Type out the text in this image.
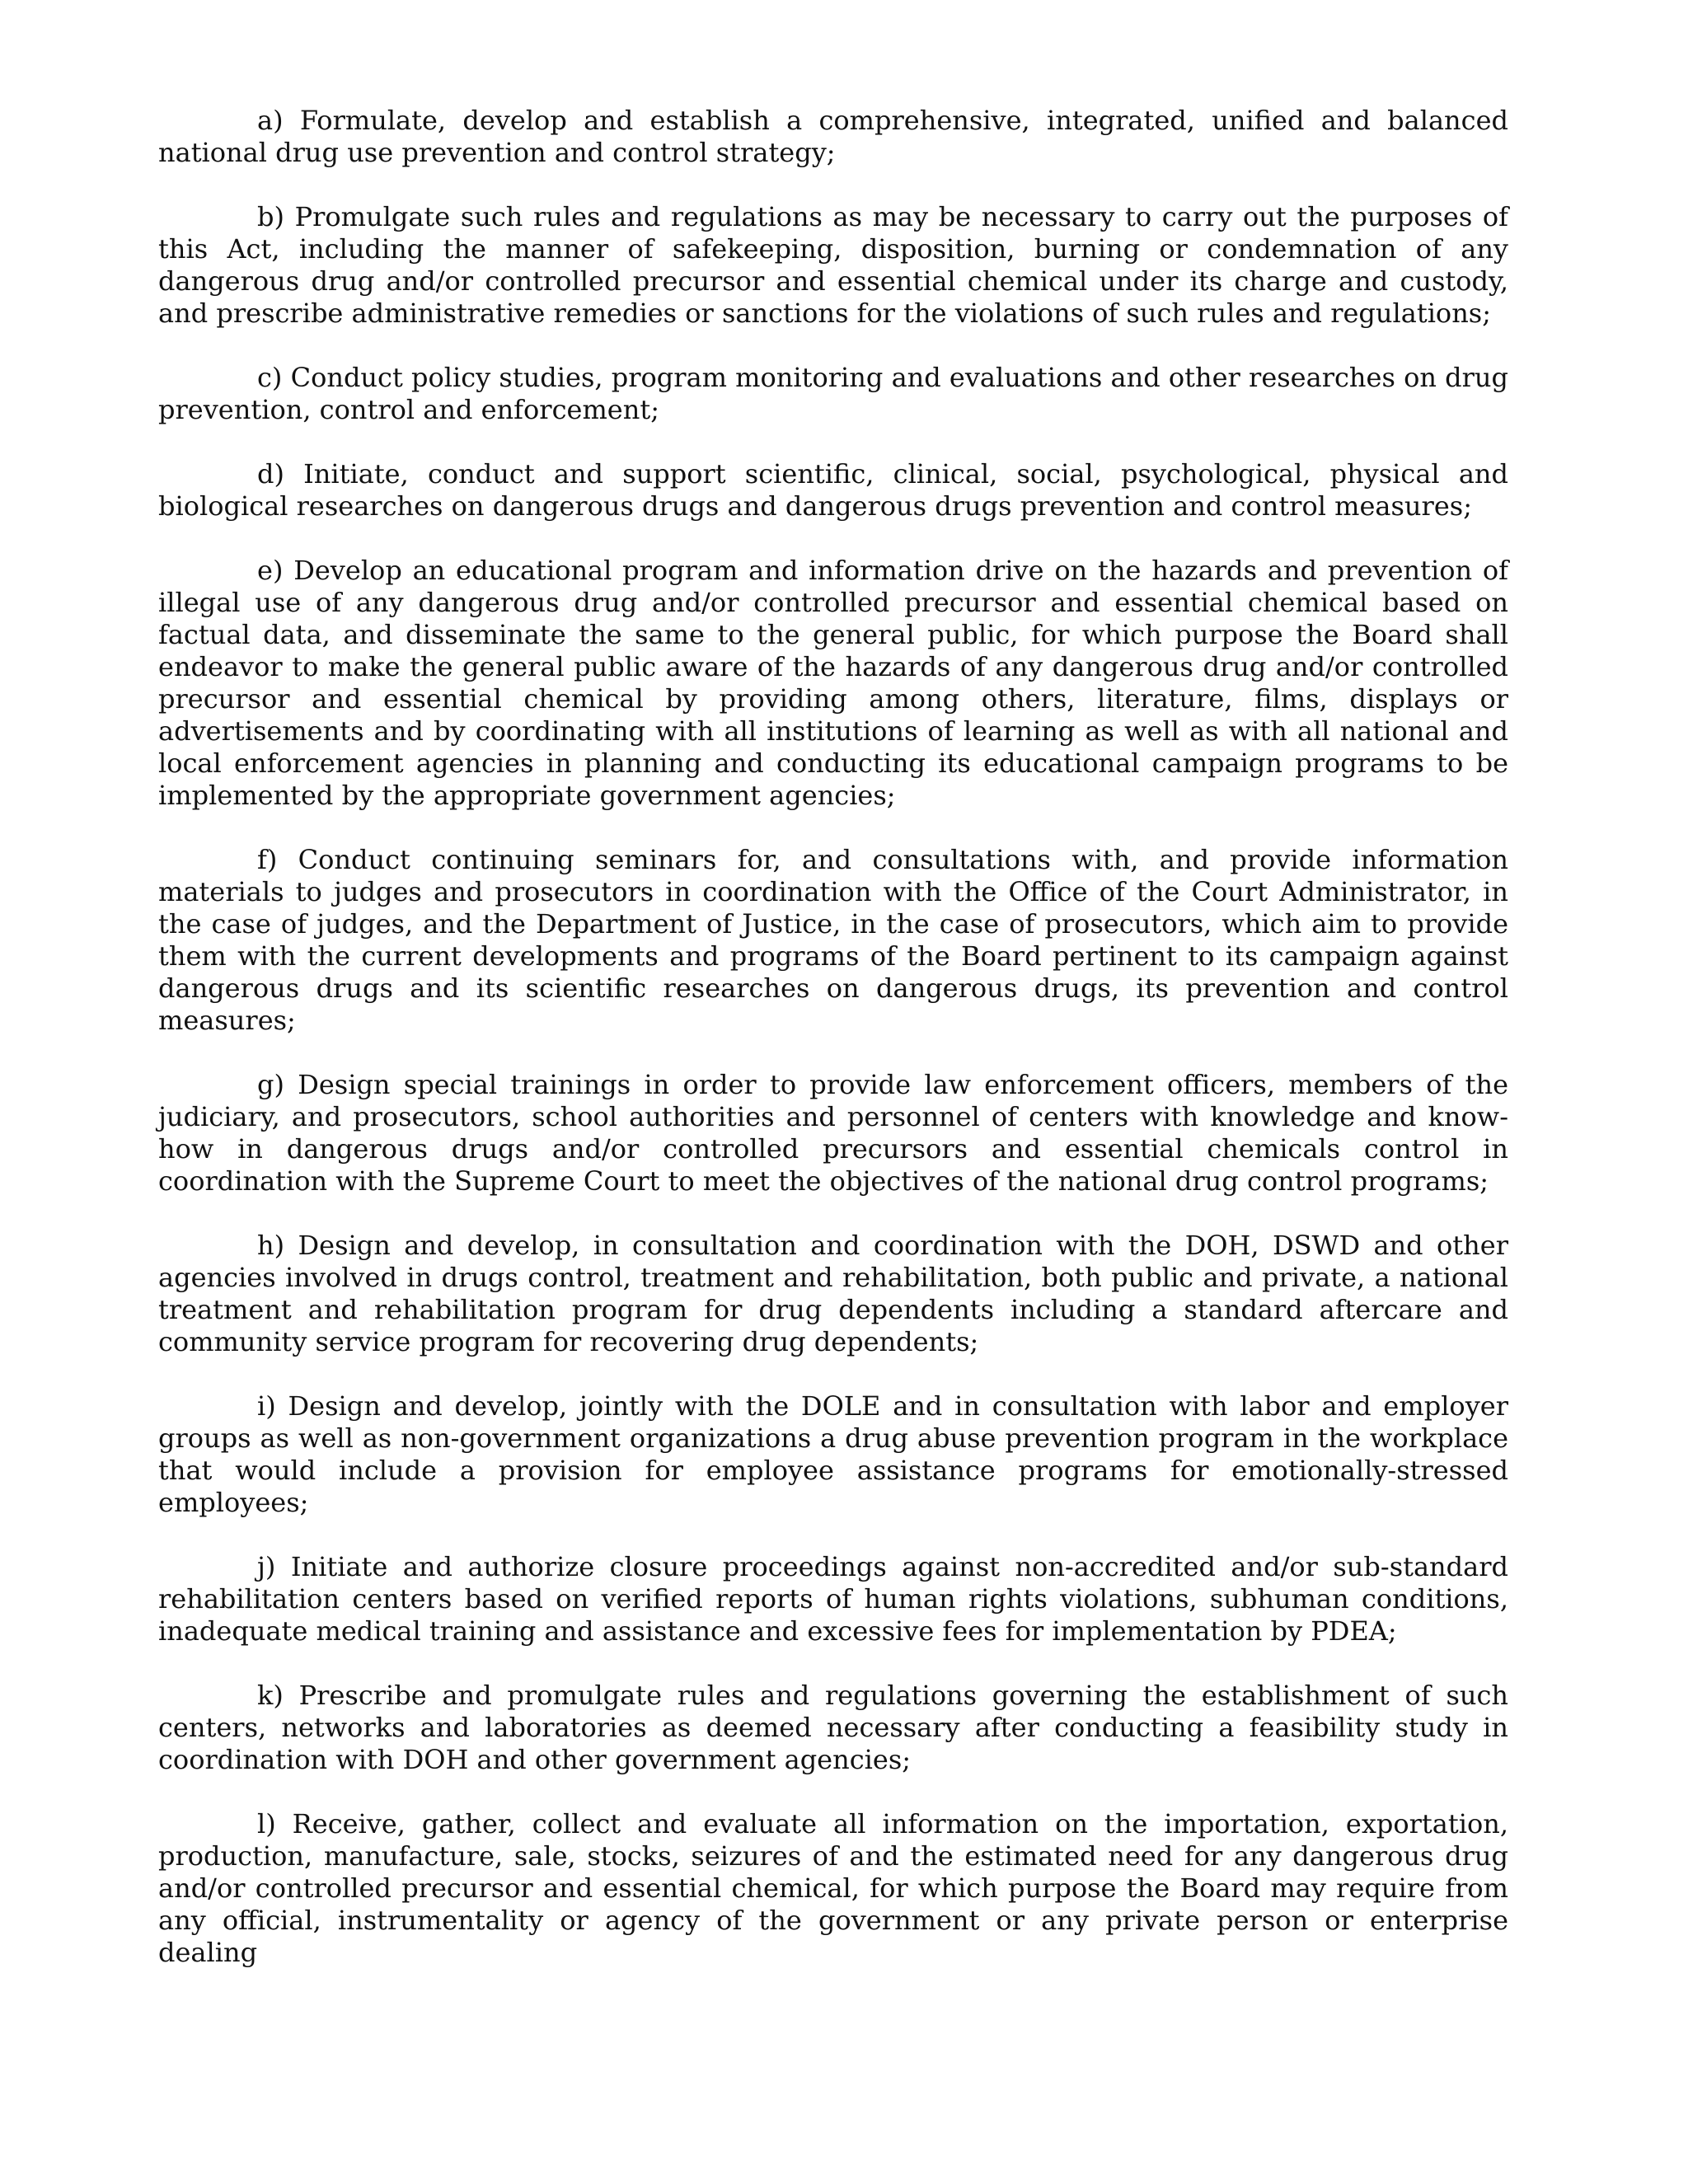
a) Formulate, develop and establish a comprehensive, integrated, unified and balanced national drug use prevention and control strategy;

b) Promulgate such rules and regulations as may be necessary to carry out the purposes of this Act, including the manner of safekeeping, disposition, burning or condemnation of any dangerous drug and/or controlled precursor and essential chemical under its charge and custody, and prescribe administrative remedies or sanctions for the violations of such rules and regulations;

c) Conduct policy studies, program monitoring and evaluations and other researches on drug prevention, control and enforcement;

d) Initiate, conduct and support scientific, clinical, social, psychological, physical and biological researches on dangerous drugs and dangerous drugs prevention and control measures;

e) Develop an educational program and information drive on the hazards and prevention of illegal use of any dangerous drug and/or controlled precursor and essential chemical based on factual data, and disseminate the same to the general public, for which purpose the Board shall endeavor to make the general public aware of the hazards of any dangerous drug and/or controlled precursor and essential chemical by providing among others, literature, films, displays or advertisements and by coordinating with all institutions of learning as well as with all national and local enforcement agencies in planning and conducting its educational campaign programs to be implemented by the appropriate government agencies;

f) Conduct continuing seminars for, and consultations with, and provide information materials to judges and prosecutors in coordination with the Office of the Court Administrator, in the case of judges, and the Department of Justice, in the case of prosecutors, which aim to provide them with the current developments and programs of the Board pertinent to its campaign against dangerous drugs and its scientific researches on dangerous drugs, its prevention and control measures;

g) Design special trainings in order to provide law enforcement officers, members of the judiciary, and prosecutors, school authorities and personnel of centers with knowledge and know-how in dangerous drugs and/or controlled precursors and essential chemicals control in coordination with the Supreme Court to meet the objectives of the national drug control programs;

h) Design and develop, in consultation and coordination with the DOH, DSWD and other agencies involved in drugs control, treatment and rehabilitation, both public and private, a national treatment and rehabilitation program for drug dependents including a standard aftercare and community service program for recovering drug dependents;

i) Design and develop, jointly with the DOLE and in consultation with labor and employer groups as well as non-government organizations a drug abuse prevention program in the workplace that would include a provision for employee assistance programs for emotionally-stressed employees;

j) Initiate and authorize closure proceedings against non-accredited and/or sub-standard rehabilitation centers based on verified reports of human rights violations, subhuman conditions, inadequate medical training and assistance and excessive fees for implementation by PDEA;

k) Prescribe and promulgate rules and regulations governing the establishment of such centers, networks and laboratories as deemed necessary after conducting a feasibility study in coordination with DOH and other government agencies;

l) Receive, gather, collect and evaluate all information on the importation, exportation, production, manufacture, sale, stocks, seizures of and the estimated need for any dangerous drug and/or controlled precursor and essential chemical, for which purpose the Board may require from any official, instrumentality or agency of the government or any private person or enterprise dealing
